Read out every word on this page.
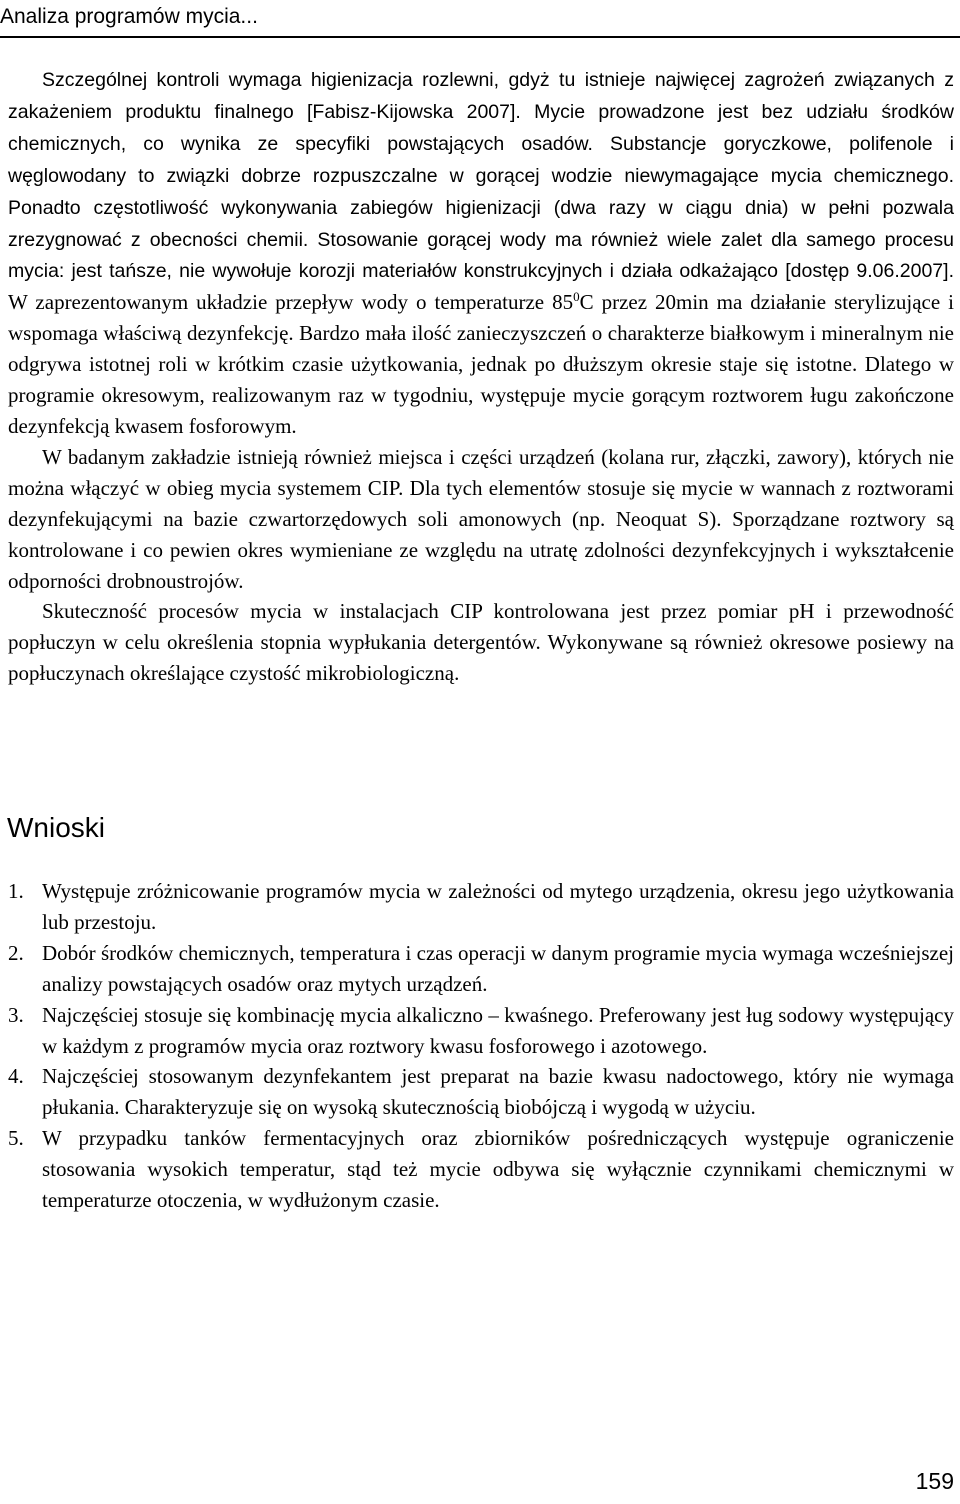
Analiza programów mycia...

Szczególnej kontroli wymaga higienizacja rozlewni, gdyż tu istnieje najwięcej zagrożeń związanych z zakażeniem produktu finalnego [Fabisz-Kijowska 2007]. Mycie prowadzone jest bez udziału środków chemicznych, co wynika ze specyfiki powstających osadów. Substancje goryczkowe, polifenole i węglowodany to związki dobrze rozpuszczalne w gorącej wodzie niewymagające mycia chemicznego. Ponadto częstotliwość wykonywania zabiegów higienizacji (dwa razy w ciągu dnia) w pełni pozwala zrezygnować z obecności chemii. Stosowanie gorącej wody ma również wiele zalet dla samego procesu mycia: jest tańsze, nie wywołuje korozji materiałów konstrukcyjnych i działa odkażająco [dostęp 9.06.2007]. W zaprezentowanym układzie przepływ wody o temperaturze $85^0C$ przez 20min ma działanie sterylizujące i wspomaga właściwą dezynfekcję. Bardzo mała ilość zanieczyszczeń o charakterze białkowym i mineralnym nie odgrywa istotnej roli w krótkim czasie użytkowania, jednak po dłuższym okresie staje się istotne. Dlatego w programie okresowym, realizowanym raz w tygodniu, występuje mycie gorącym roztworem ługu zakończone dezynfekcją kwasem fosforowym.

W badanym zakładzie istnieją również miejsca i części urządzeń (kolana rur, złączki, zawory), których nie można włączyć w obieg mycia systemem CIP. Dla tych elementów stosuje się mycie w wannach z roztworami dezynfekującymi na bazie czwartorzędowych soli amonowych (np. Neoquat S). Sporządzane roztwory są kontrolowane i co pewien okres wymieniane ze względu na utratę zdolności dezynfekcyjnych i wykształcenie odporności drobnoustrojów.

Skuteczność procesów mycia w instalacjach CIP kontrolowana jest przez pomiar pH i przewodność popłuczyn w celu określenia stopnia wypłukania detergentów. Wykonywane są również okresowe posiewy na popłuczynach określające czystość mikrobiologiczną.

Wnioski
1. Występuje zróżnicowanie programów mycia w zależności od mytego urządzenia, okresu jego użytkowania lub przestoju.
2. Dobór środków chemicznych, temperatura i czas operacji w danym programie mycia wymaga wcześniejszej analizy powstających osadów oraz mytych urządzeń.
3. Najczęściej stosuje się kombinację mycia alkaliczno – kwaśnego. Preferowany jest ług sodowy występujący w każdym z programów mycia oraz roztwory kwasu fosforowego i azotowego.
4. Najczęściej stosowanym dezynfekantem jest preparat na bazie kwasu nadoctowego, który nie wymaga płukania. Charakteryzuje się on wysoką skutecznością biobójczą i wygodą w użyciu.
5. W przypadku tanków fermentacyjnych oraz zbiorników pośredniczących występuje ograniczenie stosowania wysokich temperatur, stąd też mycie odbywa się wyłącznie czynnikami chemicznymi w temperaturze otoczenia, w wydłużonym czasie.
159
